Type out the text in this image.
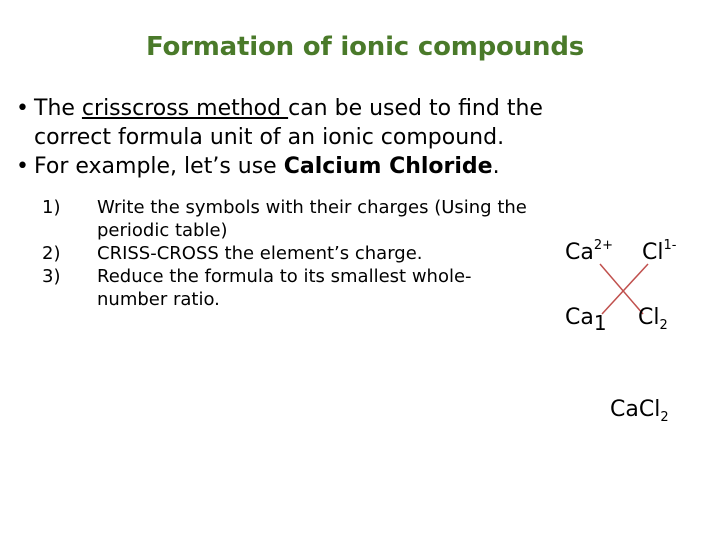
Formation of ionic compounds
• The crisscross method can be used to find the
correct formula unit of an ionic compound.
• For example, let’s use Calcium Chloride.
1) Write the symbols with their charges (Using the
periodic table)
2) CRISS-CROSS the element’s charge.
3) Reduce the formula to its smallest whole-
number ratio.
$Ca^{2+}$ $Cl^{1-}$
$Ca_1$ $Cl_2$
CaCl$_2$
